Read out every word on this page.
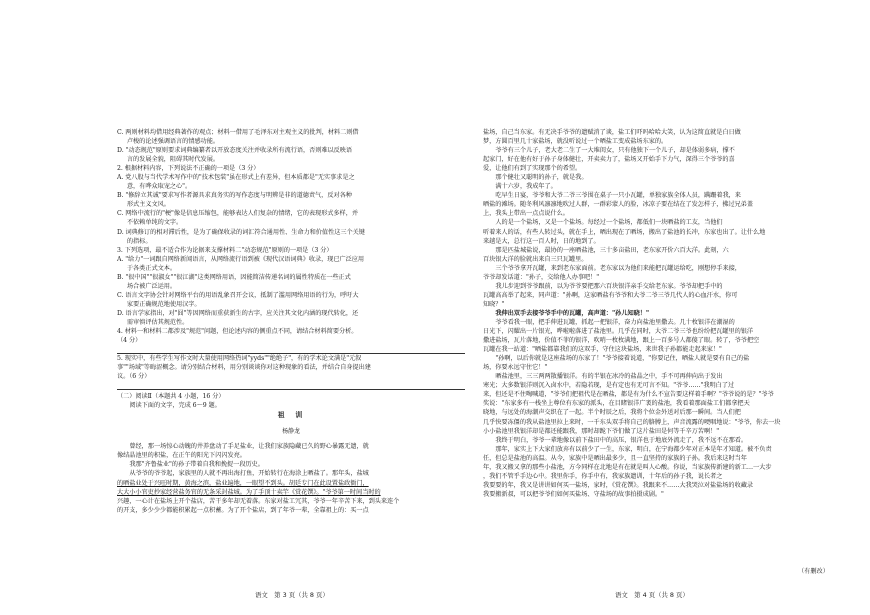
C. 两则材料均借用经典著作的观点；材料一借用了毛泽东对主观主义的批判，材料二则借
卢梭的论述强调语言的情感功能。

D. "动态规范"原则要求词典编纂者以开放态度关注并收录所有流行语，否则难以反映语
言的发展全貌，阻碍其时代发展。

2. 根据材料内容，下列说法不正确的一项是（3 分）

A. 党八股与当代学术写作中的"技术包装"虽在形式上有差异，但本质都是"无实事求是之
意，有哗众取宠之心"。

B. "修辞立其诚"要求写作者源具求真务实的写作态度与明辨是非的道德责气，反对各种
形式主义文风。

C. 网络中流行的"梗"像是信息压缩包，能够表达人们复杂的情绪，它的表现形式多样，并
不依赖单纯的文字。

D. 词典修订的相对滞后性，是为了确保收录的词汇符合通用性、生命力和价值性这三个关键
的指标。

3. 下列选项，最不适合作为论据来支撑材料二"动态规范"原则的一项是（3 分）

A. "给力"一词跟自网络新闻语言，从网络流行语到被《现代汉语词典》收录，现已广泛应用
于各类正式文本。

B. "很中国""很淑女""很江湖"这类网络用语，因能简洁传递名词的属性特质在一些正式
场合被广泛运用。

C. 语言文字协会针对网络平台的用语乱象召开会议，抵制了滥用网络用语的行为，呼吁大
家要正确规范地使用汉字。

D. 语言学家指出，对"囧"等因网络而重获新生的古字，应关注其文化内涵的现代转化，还
需审慎评估其规范性。

4. 材料一和材料二都涉及"规范"问题，但论述内容的侧重点不同，请结合材料简要分析。
（4 分）

5. 现实中，有些学生写作文时大量使用网络热词"yyds""绝绝子"，有的学术论文满是"元叙
事""场域"等晦涩概念。请分别结合材料，用分别谈谈你对这种现象的看法，并结合自身提出建
议。（6 分）

（二）阅读Ⅱ（本题共 4 小题，16 分）

阅读下面的文字，完成 6～9 题。

祖　训

杨静龙

曾经，那一场惊心动魄的井养盘动了手足盐业，让我们家族隐藏已久的野心暴露无遗，就
像结晶池里的积盐，在正午的阳光下闪闪发亮。

我那"齐鲁盐业"的孙子带着自我和挽捉一段历史。

从爷爷的爷爷起，家族里的人就不再出海打鱼，开始转行在海涂上晒盐了。那年头，盐城
的晒盐业处于兴旺时期，黄海之滨，盐业遍地，一眼望不到头。胡廷专门在此设置盐政衙门，
大大小小官吏抄家经营盐务官的无条采封盐城。为了手顶十卖竿《赏花馔》。"爷爷第一时间当时的
兴趣，一心计在盐场上开个盐店，苦干多年却无着落。东家对盐工冗其，爷爷一年辛苦下来，到头来连个
的开支，多少少少都能积累起一点积蓄。为了开个盐店，到了年爷一辈，全靠祖上的：买一点

盐场，自己当东家。有无决手爷爷的遗赋消了谈，盐工们吓吗哈哈大笑，认为这简直就是白日做
梦，方圆百里几十家盐场，就没听说过一个晒盐工变成盐场东家的。

爷爷有三个儿子，老大老二生了一大堆闺女，只有他独下一个儿子，却是体弱多病，撑不
起家门，好在他有好于孙子身体健壮，开卖卖力了，盐场又开始手下力气，深得三个爷爷的喜
爱，让他们有到了实现那个的希望。

那个健壮又聪明的孙子，就是我。

满十六岁，我成年了。

吃早生日宴，爷爷和大爷二爷三爷围在桌子一只小瓦罐，单独家族全体人员，蹒跚着我，来
晒盐的滩场。随冬利风凛凛地吹过人群，一群彩蒙人的脸，冰凉子要在结在了发怎样子，拂过兄弟盖
上，我头上带出一点点说什么。

人的是一个盐场，又是一个盐场。每经过一个盐场，都低们一块晒盐的工友，当他们
听着来人的话，有些人转过头，就在手上，晒出现在了晒场，搬出了盐池的长冲，东家也出了。让什么地
来越是大，总行这一百人时，日的地到了。

那是匹盐城盐说，最协的一座晒盐池，三十多亩盐田，老东家开价六百大洋。此刻，六
百块银大洋的脸就出来自三只瓦罐里。

三个爷爷拿开瓦罐，来到老东家面前。老东家以为他们来能把瓦罐运给吃，刚想停手来接，
爷爷却发话道："孙子，交给他人办事吧！"

我儿步迎到爷爷跟前，以为爷爷要把那六百块银洋亲手交给老东家。爷爷却把手中的
瓦罐高高举了起来，同声道："孙啊，这家晒盐有爷爷和大爷二爷三爷几代人的心血汗水，你可
知晓？"

我伸出双手去接爷爷手中的瓦罐，高声道："孙儿知晓！"

爷爷看我一眼，把手伸进瓦罐，抓起一把银洋，奋力向盐池里撒去。几十枚银洋在潮湿的
日光下，闪耀出一片银光，哗啦啦落进了盐池里。几乎在同时，大爷二爷三爷也纷纷把瓦罐里的银洋
撒进盐场，瓦片落地，价值不菲的银洋，吹哨一枚枚满地，跟上一百多号人都傻了眼。转了，爷爷把空
瓦罐在我一站道："晒盐都靠我们的这双手，守住这块盐场，来世我子孙都能走起来家！"

"孙啊，以后你就是这座盐场的东家了！"爷爷接着说道，"你要记住，晒盐人就是要有自己的盐
场，你要永远守住它！"

晒盐池里，三三两两散播银洋。有的半银在冰冷的盐晶之中，手不可再伸向出于发出
寒光；大多数银洋则沉入卤水中，若隐若现，是有定也有无可言不知。"爷爷……"我明白了过
来，但还是不住啕喊道，"爷爷们把祖代是在晒盐，都是有为什么不宣告要这样着手啊？"爷爷说的是？"爷爷
奖说："东家多有一栈坐上尊位有东家的派头，在目睹银洋广袤的盐池，我看着那面盐工们都拿把天
晓地，与远处的海潮声交织在了一起。半个时辰之后，我将个位金外送对后那一瞬间。当人们把
几乎快要冻僵的我从盐池里拉上来时，一千东头双手将自己的胳膊上，声音流露的哽咽地说："爷爷，你去一块
小小盐池里我银洋却是都还能跟我，那时却跪下爷们做了这片盐田是何等千辛万苦啊！"

我终于明白，爷爷一辈地像以前下盐田中的高压，银洋也于地底外流走了，我不远不在那看。

那年，家实上下大家们放弃有以前少了一生，东家，明白，在宁海都少年对正本是年才知道。被不负责
任，但总是盐池的高温。从今，家族中是晒出最多少，且一直坚持的家族的子孙。我后来这时当年
年，我又搬又拿的那些小盐池，方今同样在北地是有在就是叫人心酸。你说，当家族传新建的新工…一大步
，我们不管乎手边心中。我里你手，你手中有，我家族遗训，十年后的孙子我，说长者之
我要要的年，我又是讲讲如何买一盐场，家时，《赏花馔》。我跟来不……大我哭泣对盐盐场的收藏录
我要搬新叔，可以把爷爷们如何买盐场、守盐场的故事拍摄成剧。"

（有删改）
语文　第 3 页（共 8 页）	语文　第 4 页（共 8 页）
